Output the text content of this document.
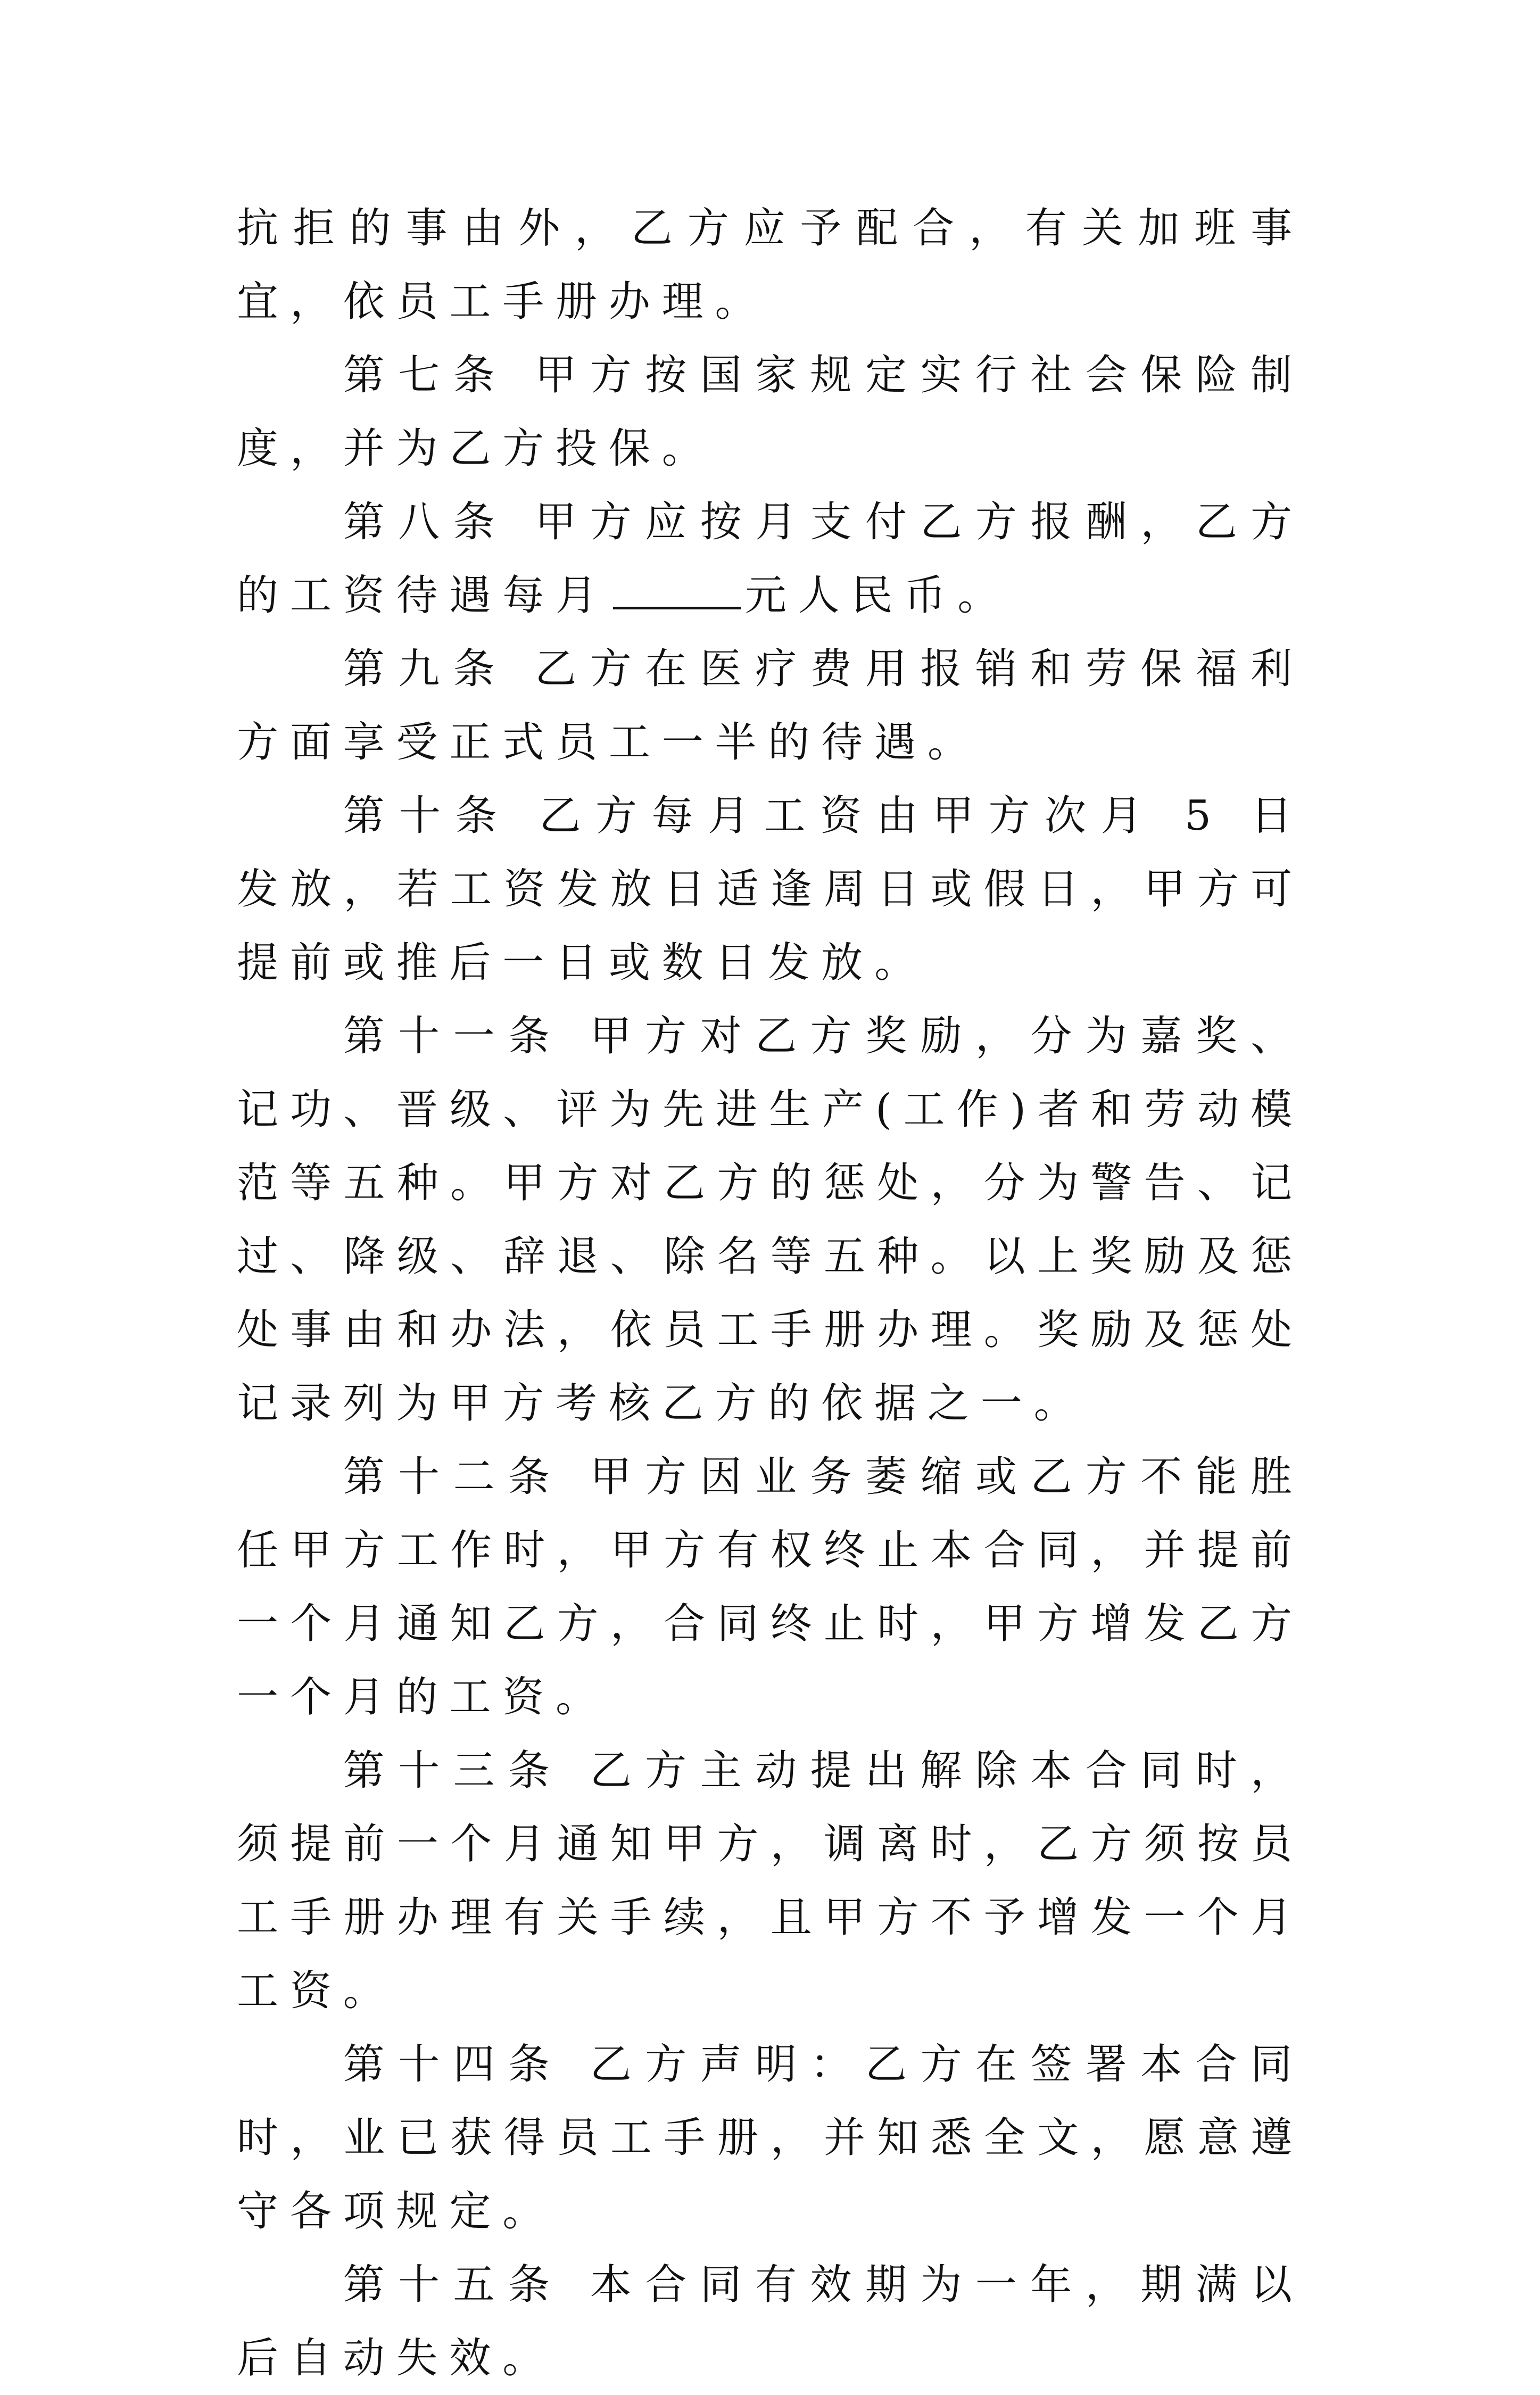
抗拒的事由外，乙方应予配合，有关加班事宜，依员工手册办理。

第七条 甲方按国家规定实行社会保险制度，并为乙方投保。

第八条 甲方应按月支付乙方报酬，乙方的工资待遇每月	元人民币。

第九条 乙方在医疗费用报销和劳保福利方面享受正式员工一半的待遇。

第十条 乙方每月工资由甲方次月 5 日发放，若工资发放日适逢周日或假日，甲方可提前或推后一日或数日发放。

第十一条 甲方对乙方奖励，分为嘉奖、记功、晋级、评为先进生产(工作)者和劳动模范等五种。甲方对乙方的惩处，分为警告、记过、降级、辞退、除名等五种。以上奖励及惩处事由和办法，依员工手册办理。奖励及惩处记录列为甲方考核乙方的依据之一。

第十二条 甲方因业务萎缩或乙方不能胜任甲方工作时，甲方有权终止本合同，并提前一个月通知乙方，合同终止时，甲方增发乙方一个月的工资。

第十三条 乙方主动提出解除本合同时，须提前一个月通知甲方，调离时，乙方须按员工手册办理有关手续，且甲方不予增发一个月工资。

第十四条 乙方声明：乙方在签署本合同时，业已获得员工手册，并知悉全文，愿意遵守各项规定。

第十五条 本合同有效期为一年，期满以后自动失效。
